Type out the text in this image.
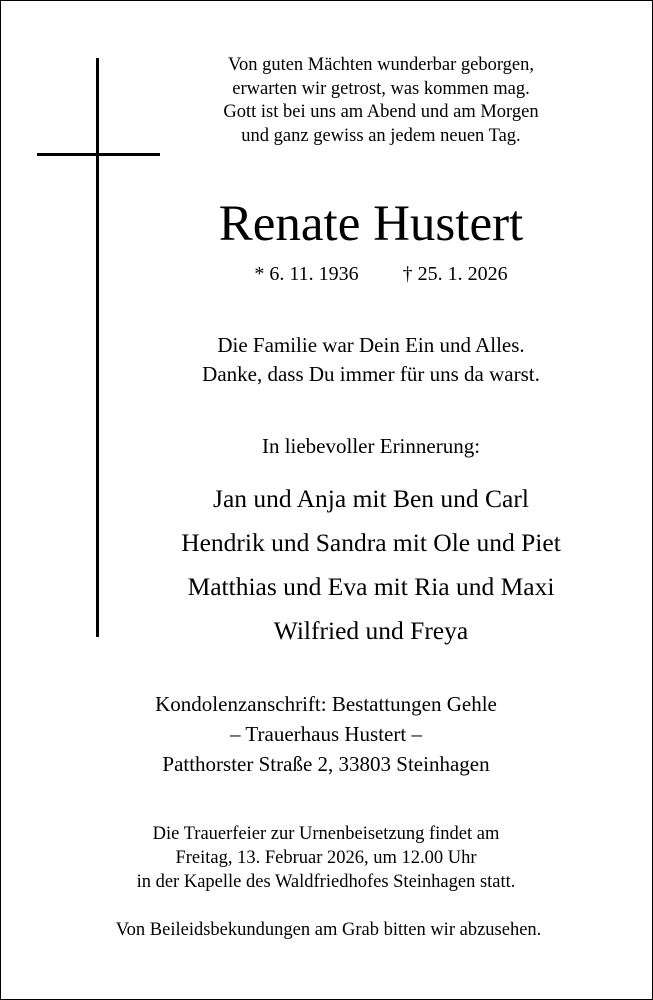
Von guten Mächten wunderbar geborgen,
erwarten wir getrost, was kommen mag.
Gott ist bei uns am Abend und am Morgen
und ganz gewiss an jedem neuen Tag.
Renate Hustert
* 6. 11. 1936 † 25. 1. 2026
Die Familie war Dein Ein und Alles.
Danke, dass Du immer für uns da warst.
In liebevoller Erinnerung:
Jan und Anja mit Ben und Carl
Hendrik und Sandra mit Ole und Piet
Matthias und Eva mit Ria und Maxi
Wilfried und Freya
Kondolenzanschrift: Bestattungen Gehle
– Trauerhaus Hustert –
Patthorster Straße 2, 33803 Steinhagen
Die Trauerfeier zur Urnenbeisetzung findet am
Freitag, 13. Februar 2026, um 12.00 Uhr
in der Kapelle des Waldfriedhofes Steinhagen statt.
Von Beileidsbekundungen am Grab bitten wir abzusehen.
